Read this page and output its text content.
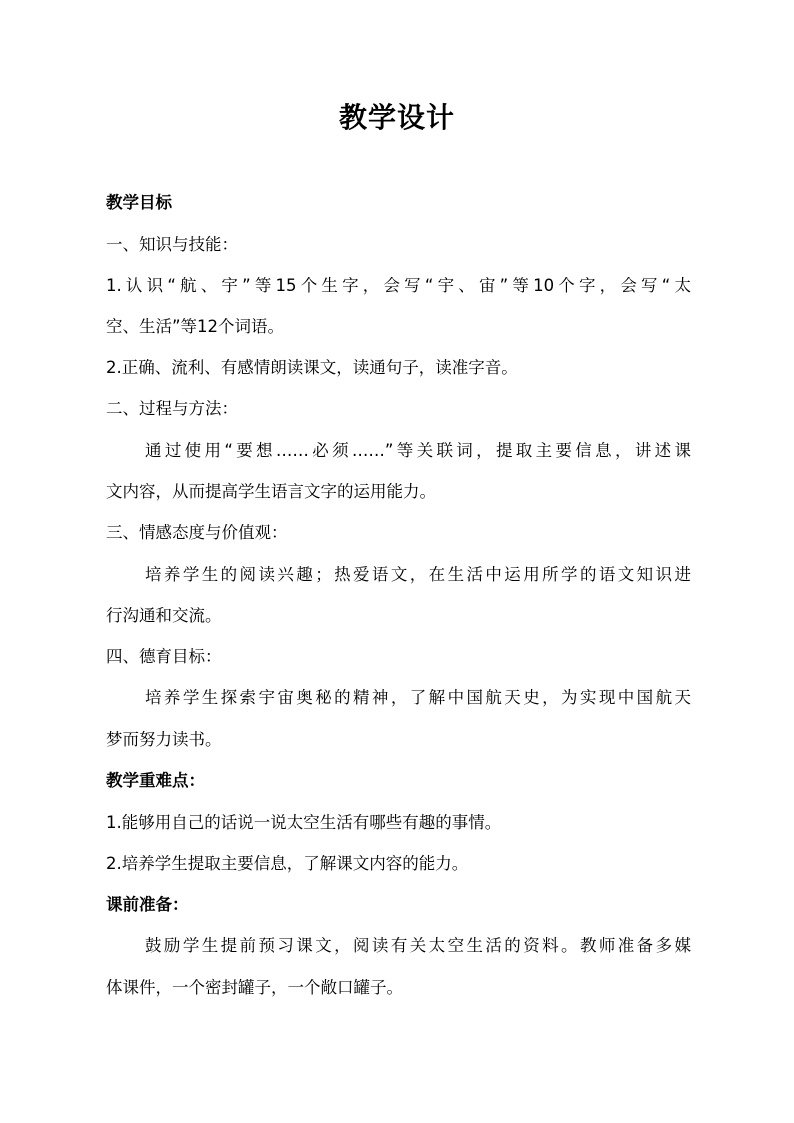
教学设计
教学目标
一、知识与技能：
1.认识“航、宇”等15个生字，会写“宇、宙”等10个字，会写“太
空、生活”等12个词语。
2.正确、流利、有感情朗读课文，读通句子，读准字音。
二、过程与方法：
通过使用“要想……必须……”等关联词，提取主要信息，讲述课
文内容，从而提高学生语言文字的运用能力。
三、情感态度与价值观：
培养学生的阅读兴趣；热爱语文，在生活中运用所学的语文知识进
行沟通和交流。
四、德育目标：
培养学生探索宇宙奥秘的精神，了解中国航天史，为实现中国航天
梦而努力读书。
教学重难点：
1.能够用自己的话说一说太空生活有哪些有趣的事情。
2.培养学生提取主要信息，了解课文内容的能力。
课前准备：
鼓励学生提前预习课文，阅读有关太空生活的资料。教师准备多媒
体课件，一个密封罐子，一个敞口罐子。
